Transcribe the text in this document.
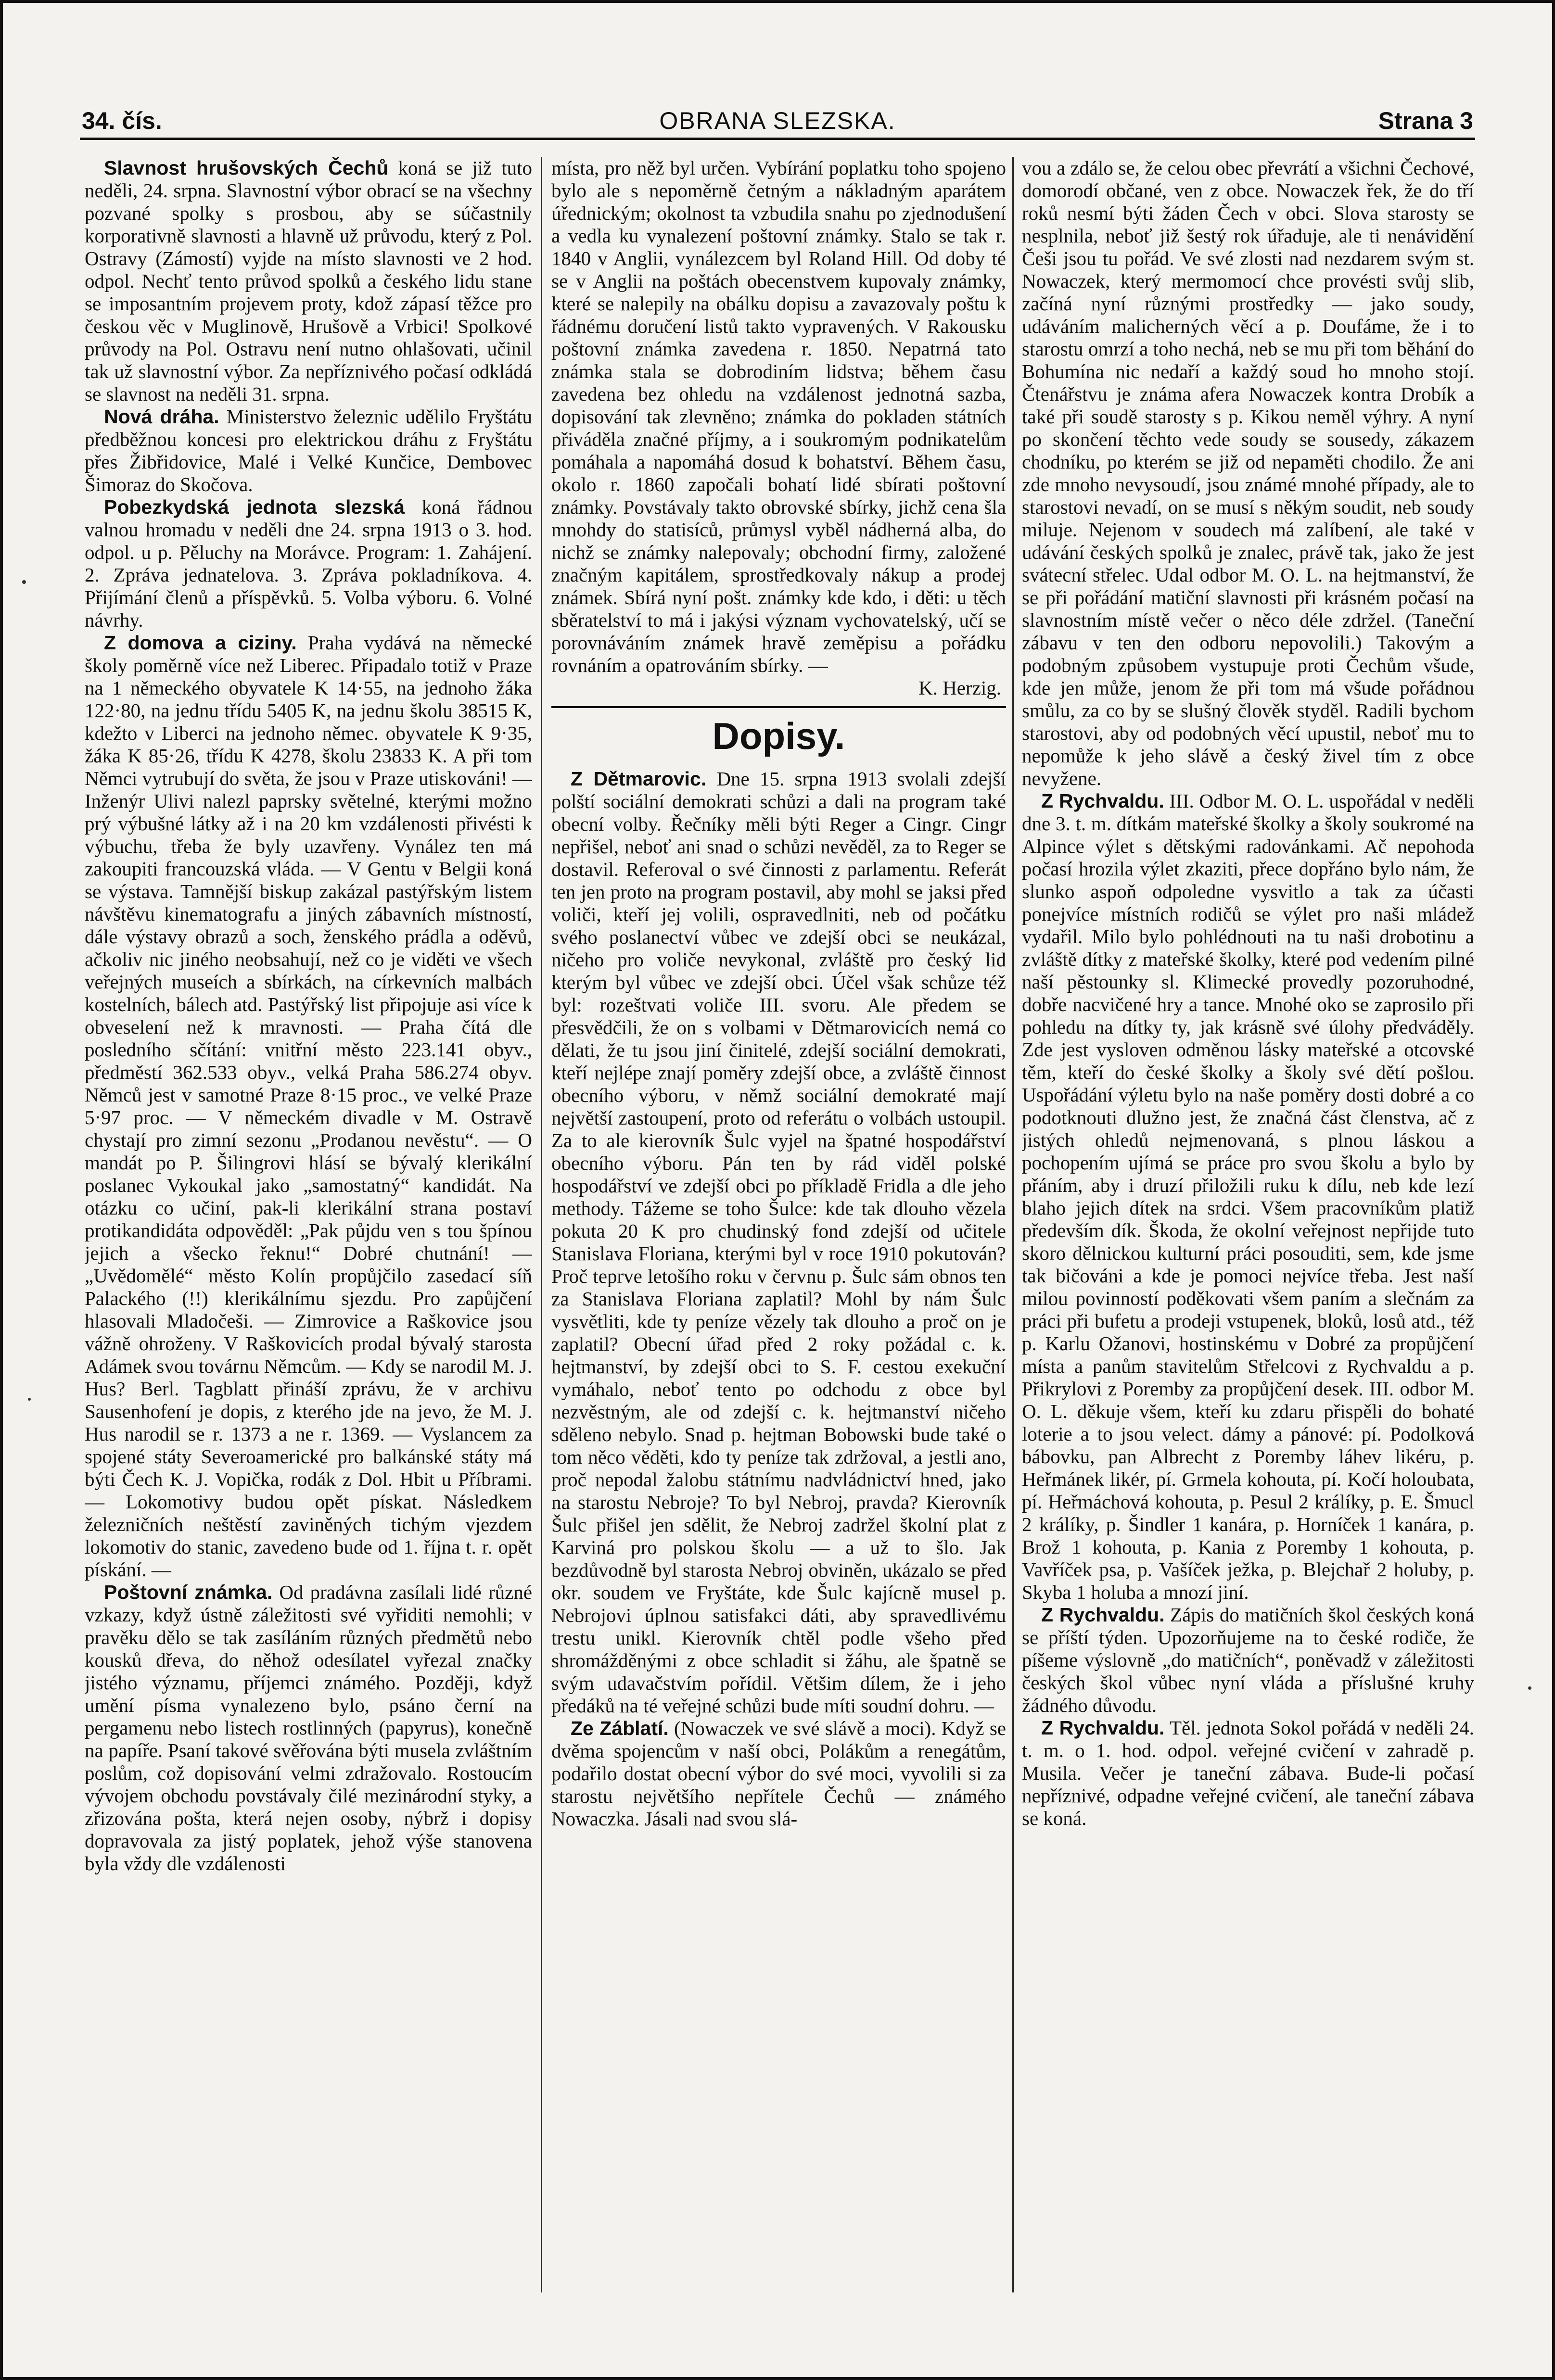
34. čís.	OBRANA SLEZSKA.	Strana 3

Slavnost hrušovských Čechů koná se již tuto neděli, 24. srpna. Slavnostní výbor obrací se na všechny pozvané spolky s prosbou, aby se súčastnily korporativně slavnosti a hlavně už průvodu, který z Pol. Ostravy (Zámostí) vyjde na místo slavnosti ve 2 hod. odpol. Nechť tento průvod spolků a českého lidu stane se imposantním projevem proty, kdož zápasí těžce pro českou věc v Muglinově, Hrušově a Vrbici! Spolkové průvody na Pol. Ostravu není nutno ohlašovati, učinil tak už slavnostní výbor. Za nepříznivého počasí odkládá se slavnost na neděli 31. srpna.

Nová dráha. Ministerstvo železnic udělilo Fryštátu předběžnou koncesi pro elektrickou dráhu z Fryštátu přes Žibřidovice, Malé i Velké Kunčice, Dembovec Šimoraz do Skočova.

Pobezkydská jednota slezská koná řádnou valnou hromadu v neděli dne 24. srpna 1913 o 3. hod. odpol. u p. Pěluchy na Morávce. Program: 1. Zahájení. 2. Zpráva jednatelova. 3. Zpráva pokladníkova. 4. Přijímání členů a příspěvků. 5. Volba výboru. 6. Volné návrhy.

Z domova a ciziny. Praha vydává na německé školy poměrně více než Liberec. Připadalo totiž v Praze na 1 německého obyvatele K 14·55, na jednoho žáka 122·80, na jednu třídu 5405 K, na jednu školu 38515 K, kdežto v Liberci na jednoho němec. obyvatele K 9·35, žáka K 85·26, třídu K 4278, školu 23833 K. A při tom Němci vytrubují do světa, že jsou v Praze utiskováni! — Inženýr Ulivi nalezl paprsky světelné, kterými možno prý výbušné látky až i na 20 km vzdálenosti přivésti k výbuchu, třeba že byly uzavřeny. Vynález ten má zakoupiti francouzská vláda. — V Gentu v Belgii koná se výstava. Tamnější biskup zakázal pastýřským listem návštěvu kinematografu a jiných zábavních místností, dále výstavy obrazů a soch, ženského prádla a oděvů, ačkoliv nic jiného neobsahují, než co je viděti ve všech veřejných museích a sbírkách, na církevních malbách kostelních, bálech atd. Pastýřský list připojuje asi více k obveselení než k mravnosti. — Praha čítá dle posledního sčítání: vnitřní město 223.141 obyv., předměstí 362.533 obyv., velká Praha 586.274 obyv. Němců jest v samotné Praze 8·15 proc., ve velké Praze 5·97 proc. — V německém divadle v M. Ostravě chystají pro zimní sezonu „Prodanou nevěstu“. — O mandát po P. Šilingrovi hlásí se bývalý klerikální poslanec Vykoukal jako „samostatný“ kandidát. Na otázku co učiní, pak-li klerikální strana postaví protikandidáta odpověděl: „Pak půjdu ven s tou špínou jejich a všecko řeknu!“ Dobré chutnání! — „Uvědomělé“ město Kolín propůjčilo zasedací síň Palackého (!!) klerikálnímu sjezdu. Pro zapůjčení hlasovali Mladočeši. — Zimrovice a Raškovice jsou vážně ohroženy. V Raškovicích prodal bývalý starosta Adámek svou továrnu Němcům. — Kdy se narodil M. J. Hus? Berl. Tagblatt přináší zprávu, že v archivu Sausenhofení je dopis, z kterého jde na jevo, že M. J. Hus narodil se r. 1373 a ne r. 1369. — Vyslancem za spojené státy Severoamerické pro balkánské státy má býti Čech K. J. Vopička, rodák z Dol. Hbit u Příbrami. — Lokomotivy budou opět pískat. Následkem železničních neštěstí zaviněných tichým vjezdem lokomotiv do stanic, zavedeno bude od 1. října t. r. opět pískání. —

Poštovní známka. Od pradávna zasílali lidé různé vzkazy, když ústně záležitosti své vyřiditi nemohli; v pravěku dělo se tak zasíláním různých předmětů nebo kousků dřeva, do něhož odesílatel vyřezal značky jistého významu, příjemci známého. Později, když umění písma vynalezeno bylo, psáno černí na pergamenu nebo listech rostlinných (papyrus), konečně na papíře. Psaní takové svěřována býti musela zvláštním poslům, což dopisování velmi zdražovalo. Rostoucím vývojem obchodu povstávaly čilé mezinárodní styky, a zřizována pošta, která nejen osoby, nýbrž i dopisy dopravovala za jistý poplatek, jehož výše stanovena byla vždy dle vzdálenosti

místa, pro něž byl určen. Vybírání poplatku toho spojeno bylo ale s nepoměrně četným a nákladným aparátem úřednickým; okolnost ta vzbudila snahu po zjednodušení a vedla ku vynalezení poštovní známky. Stalo se tak r. 1840 v Anglii, vynálezcem byl Roland Hill. Od doby té se v Anglii na poštách obecenstvem kupovaly známky, které se nalepily na obálku dopisu a zavazovaly poštu k řádnému doručení listů takto vypravených. V Rakousku poštovní známka zavedena r. 1850. Nepatrná tato známka stala se dobrodiním lidstva; během času zavedena bez ohledu na vzdálenost jednotná sazba, dopisování tak zlevněno; známka do pokladen státních přiváděla značné příjmy, a i soukromým podnikatelům pomáhala a napomáhá dosud k bohatství. Během času, okolo r. 1860 započali bohatí lidé sbírati poštovní známky. Povstávaly takto obrovské sbírky, jichž cena šla mnohdy do statisíců, průmysl vyběl nádherná alba, do nichž se známky nalepovaly; obchodní firmy, založené značným kapitálem, sprostředkovaly nákup a prodej známek. Sbírá nyní pošt. známky kde kdo, i děti: u těch sběratelství to má i jakýsi význam vychovatelský, učí se porovnáváním známek hravě zeměpisu a pořádku rovnáním a opatrováním sbírky. —

K. Herzig.

Dopisy.

Z Dětmarovic. Dne 15. srpna 1913 svolali zdejší polští sociální demokrati schůzi a dali na program také obecní volby. Řečníky měli býti Reger a Cingr. Cingr nepřišel, neboť ani snad o schůzi nevěděl, za to Reger se dostavil. Referoval o své činnosti z parlamentu. Referát ten jen proto na program postavil, aby mohl se jaksi před voliči, kteří jej volili, ospravedlniti, neb od počátku svého poslanectví vůbec ve zdejší obci se neukázal, ničeho pro voliče nevykonal, zvláště pro český lid kterým byl vůbec ve zdejší obci. Účel však schůze též byl: rozeštvati voliče III. svoru. Ale předem se přesvědčili, že on s volbami v Dětmarovicích nemá co dělati, že tu jsou jiní činitelé, zdejší sociální demokrati, kteří nejlépe znají poměry zdejší obce, a zvláště činnost obecního výboru, v němž sociální demokraté mají největší zastoupení, proto od referátu o volbách ustoupil. Za to ale kierovník Šulc vyjel na špatné hospodářství obecního výboru. Pán ten by rád viděl polské hospodářství ve zdejší obci po příkladě Fridla a dle jeho methody. Tážeme se toho Šulce: kde tak dlouho vězela pokuta 20 K pro chudinský fond zdejší od učitele Stanislava Floriana, kterými byl v roce 1910 pokutován? Proč teprve letošího roku v červnu p. Šulc sám obnos ten za Stanislava Floriana zaplatil? Mohl by nám Šulc vysvětliti, kde ty peníze vězely tak dlouho a proč on je zaplatil? Obecní úřad před 2 roky požádal c. k. hejtmanství, by zdejší obci to S. F. cestou exekuční vymáhalo, neboť tento po odchodu z obce byl nezvěstným, ale od zdejší c. k. hejtmanství ničeho sděleno nebylo. Snad p. hejtman Bobowski bude také o tom něco věděti, kdo ty peníze tak zdržoval, a jestli ano, proč nepodal žalobu státnímu nadvládnictví hned, jako na starostu Nebroje? To byl Nebroj, pravda? Kierovník Šulc přišel jen sdělit, že Nebroj zadržel školní plat z Karviná pro polskou školu — a už to šlo. Jak bezdůvodně byl starosta Nebroj obviněn, ukázalo se před okr. soudem ve Fryštáte, kde Šulc kajícně musel p. Nebrojovi úplnou satisfakci dáti, aby spravedlivému trestu unikl. Kierovník chtěl podle všeho před shromážděnými z obce schladit si žáhu, ale špatně se svým udavačstvím pořídil. Většim dílem, že i jeho předáků na té veřejné schůzi bude míti soudní dohru. —

Ze Záblatí. (Nowaczek ve své slávě a moci). Když se dvěma spojencům v naší obci, Polákům a renegátům, podařilo dostat obecní výbor do své moci, vyvolili si za starostu největšího nepřítele Čechů — známého Nowaczka. Jásali nad svou slá-

vou a zdálo se, že celou obec převrátí a všichni Čechové, domorodí občané, ven z obce. Nowaczek řek, že do tří roků nesmí býti žáden Čech v obci. Slova starosty se nesplnila, neboť již šestý rok úřaduje, ale ti nenávidění Češi jsou tu pořád. Ve své zlosti nad nezdarem svým st. Nowaczek, který mermomocí chce provésti svůj slib, začíná nyní různými prostředky — jako soudy, udáváním malicherných věcí a p. Doufáme, že i to starostu omrzí a toho nechá, neb se mu při tom běhání do Bohumína nic nedaří a každý soud ho mnoho stojí. Čtenářstvu je známa afera Nowaczek kontra Drobík a také při soudě starosty s p. Kikou neměl výhry. A nyní po skončení těchto vede soudy se sousedy, zákazem chodníku, po kterém se již od nepaměti chodilo. Že ani zde mnoho nevysoudí, jsou známé mnohé případy, ale to starostovi nevadí, on se musí s někým soudit, neb soudy miluje. Nejenom v soudech má zalíbení, ale také v udávání českých spolků je znalec, právě tak, jako že jest svátecní střelec. Udal odbor M. O. L. na hejtmanství, že se při pořádání matiční slavnosti při krásném počasí na slavnostním místě večer o něco déle zdržel. (Taneční zábavu v ten den odboru nepovolili.) Takovým a podobným způsobem vystupuje proti Čechům všude, kde jen může, jenom že při tom má všude pořádnou smůlu, za co by se slušný člověk styděl. Radili bychom starostovi, aby od podobných věcí upustil, neboť mu to nepomůže k jeho slávě a český živel tím z obce nevyžene.

Z Rychvaldu. III. Odbor M. O. L. uspořádal v neděli dne 3. t. m. dítkám mateřské školky a školy soukromé na Alpince výlet s dětskými radovánkami. Ač nepohoda počasí hrozila výlet zkaziti, přece dopřáno bylo nám, že slunko aspoň odpoledne vysvitlo a tak za účasti ponejvíce místních rodičů se výlet pro naši mládež vydařil. Milo bylo pohlédnouti na tu naši drobotinu a zvláště dítky z mateřské školky, které pod vedením pilné naší pěstounky sl. Klimecké provedly pozoruhodné, dobře nacvičené hry a tance. Mnohé oko se zaprosilo při pohledu na dítky ty, jak krásně své úlohy předváděly. Zde jest vysloven odměnou lásky mateřské a otcovské těm, kteří do české školky a školy své dětí pošlou. Uspořádání výletu bylo na naše poměry dosti dobré a co podotknouti dlužno jest, že značná část členstva, ač z jistých ohledů nejmenovaná, s plnou láskou a pochopením ujímá se práce pro svou školu a bylo by přáním, aby i druzí přiložili ruku k dílu, neb kde lezí blaho jejich dítek na srdci. Všem pracovníkům platiž především dík. Škoda, že okolní veřejnost nepřijde tuto skoro dělnickou kulturní práci posouditi, sem, kde jsme tak bičováni a kde je pomoci nejvíce třeba. Jest naší milou povinností poděkovati všem paním a slečnám za práci při bufetu a prodeji vstupenek, bloků, losů atd., též p. Karlu Ožanovi, hostinskému v Dobré za propůjčení místa a panům stavitelům Střelcovi z Rychvaldu a p. Přikrylovi z Poremby za propůjčení desek. III. odbor M. O. L. děkuje všem, kteří ku zdaru přispěli do bohaté loterie a to jsou velect. dámy a pánové: pí. Podolková bábovku, pan Albrecht z Poremby láhev likéru, p. Heřmánek likér, pí. Grmela kohouta, pí. Kočí holoubata, pí. Heřmáchová kohouta, p. Pesul 2 králíky, p. E. Šmucl 2 králíky, p. Šindler 1 kanára, p. Horníček 1 kanára, p. Brož 1 kohouta, p. Kania z Poremby 1 kohouta, p. Vavříček psa, p. Vašíček ježka, p. Blejchař 2 holuby, p. Skyba 1 holuba a mnozí jiní.

Z Rychvaldu. Zápis do matičních škol českých koná se příští týden. Upozorňujeme na to české rodiče, že píšeme výslovně „do matičních“, poněvadž v záležitosti českých škol vůbec nyní vláda a příslušné kruhy žádného důvodu.

Z Rychvaldu. Těl. jednota Sokol pořádá v neděli 24. t. m. o 1. hod. odpol. veřejné cvičení v zahradě p. Musila. Večer je taneční zábava. Bude-li počasí nepříznivé, odpadne veřejné cvičení, ale taneční zábava se koná.
